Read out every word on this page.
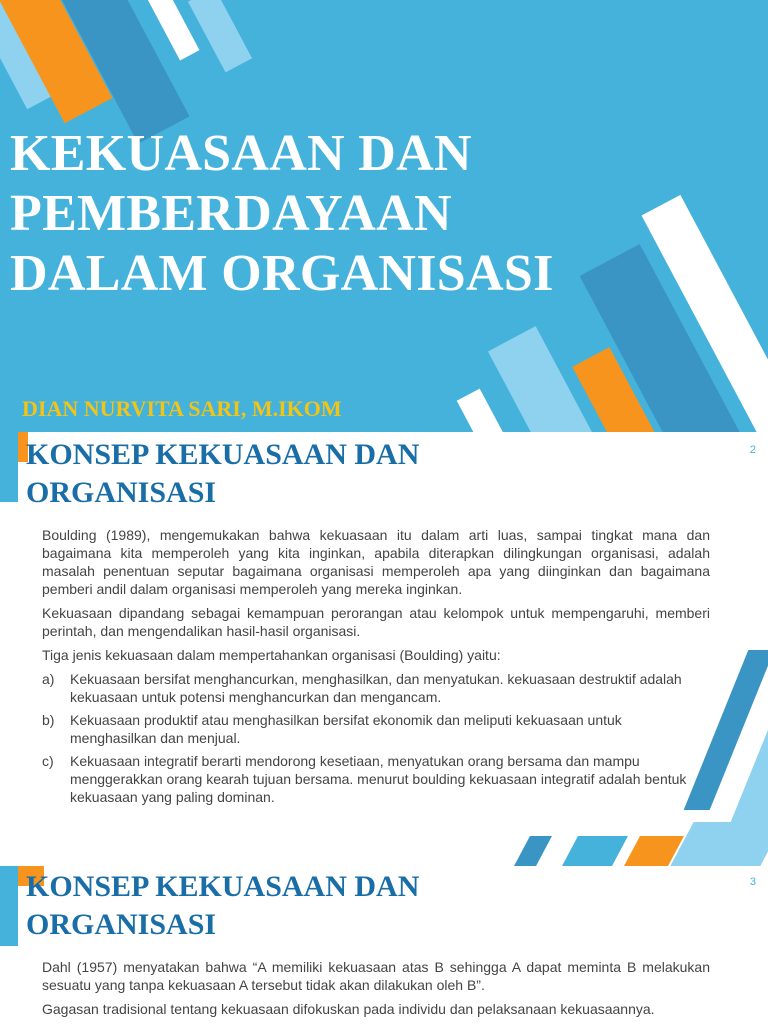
KEKUASAAN DAN
PEMBERDAYAAN
DALAM ORGANISASI

DIAN NURVITA SARI, M.IKOM

KONSEP KEKUASAAN DAN
ORGANISASI
2

Boulding (1989), mengemukakan bahwa kekuasaan itu dalam arti luas, sampai tingkat mana dan bagaimana kita memperoleh yang kita inginkan, apabila diterapkan dilingkungan organisasi, adalah masalah penentuan seputar bagaimana organisasi memperoleh apa yang diinginkan dan bagaimana pemberi andil dalam organisasi memperoleh yang mereka inginkan.

Kekuasaan dipandang sebagai kemampuan perorangan atau kelompok untuk mempengaruhi, memberi perintah, dan mengendalikan hasil-hasil organisasi.

Tiga jenis kekuasaan dalam mempertahankan organisasi (Boulding) yaitu:

a) Kekuasaan bersifat menghancurkan, menghasilkan, dan menyatukan. kekuasaan destruktif adalah kekuasaan untuk potensi menghancurkan dan mengancam.
b) Kekuasaan produktif atau menghasilkan bersifat ekonomik dan meliputi kekuasaan untuk menghasilkan dan menjual.
c) Kekuasaan integratif berarti mendorong kesetiaan, menyatukan orang bersama dan mampu menggerakkan orang kearah tujuan bersama. menurut boulding kekuasaan integratif adalah bentuk kekuasaan yang paling dominan.
KONSEP KEKUASAAN DAN
ORGANISASI
3

Dahl (1957) menyatakan bahwa “A memiliki kekuasaan atas B sehingga A dapat meminta B melakukan sesuatu yang tanpa kekuasaan A tersebut tidak akan dilakukan oleh B”.

Gagasan tradisional tentang kekuasaan difokuskan pada individu dan pelaksanaan kekuasaannya.
